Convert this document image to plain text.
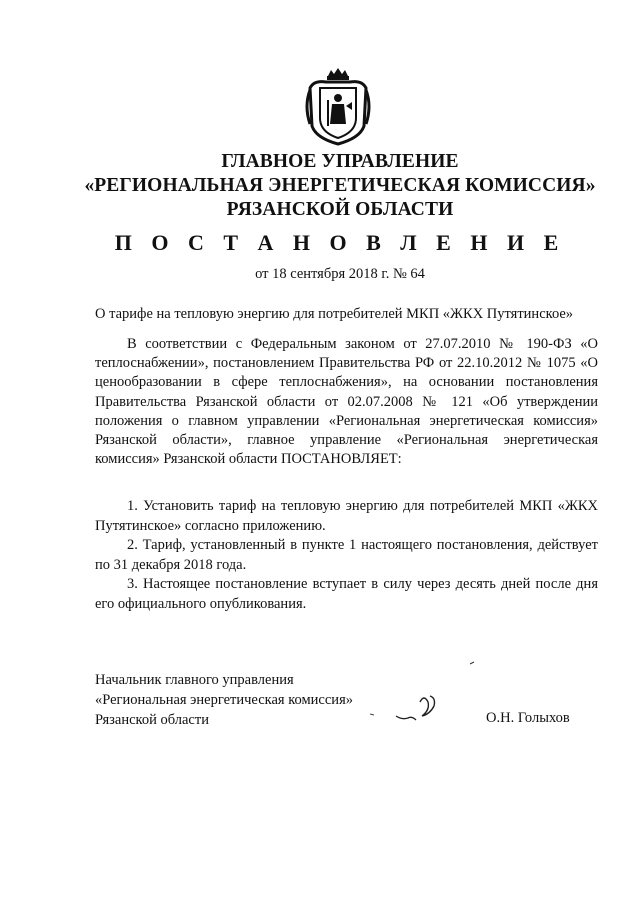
ГЛАВНОЕ УПРАВЛЕНИЕ
«РЕГИОНАЛЬНАЯ ЭНЕРГЕТИЧЕСКАЯ КОМИССИЯ»
РЯЗАНСКОЙ ОБЛАСТИ
П О С Т А Н О В Л Е Н И Е
от 18 сентября 2018 г. № 64
О тарифе на тепловую энергию для потребителей МКП «ЖКХ Путятинское»
В соответствии с Федеральным законом от 27.07.2010 № 190-ФЗ «О теплоснабжении», постановлением Правительства РФ от 22.10.2012 № 1075 «О ценообразовании в сфере теплоснабжения», на основании постановления Правительства Рязанской области от 02.07.2008 № 121 «Об утверждении положения о главном управлении «Региональная энергетическая комиссия» Рязанской области», главное управление «Региональная энергетическая комиссия» Рязанской области ПОСТАНОВЛЯЕТ:

1. Установить тариф на тепловую энергию для потребителей МКП «ЖКХ Путятинское» согласно приложению.

2. Тариф, установленный в пункте 1 настоящего постановления, действует по 31 декабря 2018 года.

3. Настоящее постановление вступает в силу через десять дней после дня его официального опубликования.

Начальник главного управления
«Региональная энергетическая комиссия»
Рязанской области	О.Н. Голыхов
